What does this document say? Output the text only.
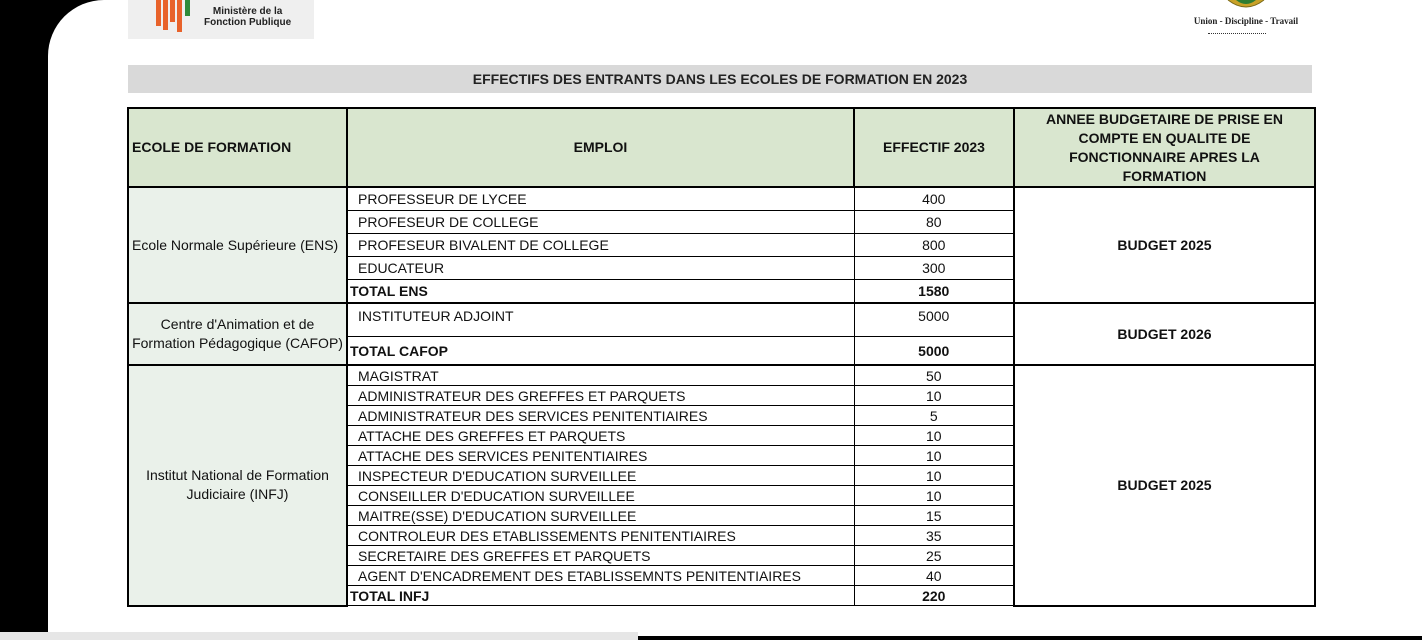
Ministère de la
Fonction Publique	Union - Discipline - Travail
EFFECTIFS DES ENTRANTS DANS LES ECOLES DE FORMATION EN 2023
ECOLE DE FORMATION	EMPLOI	EFFECTIF 2023	ANNEE BUDGETAIRE DE PRISE EN COMPTE EN QUALITE DE FONCTIONNAIRE APRES LA FORMATION
Ecole Normale Supérieure (ENS)	PROFESSEUR DE LYCEE	400	BUDGET 2025
	PROFESEUR DE COLLEGE	80	
	PROFESEUR BIVALENT DE COLLEGE	800	
	EDUCATEUR	300	
	TOTAL ENS	1580	
Centre d'Animation et de Formation Pédagogique (CAFOP)	INSTITUTEUR ADJOINT	5000	BUDGET 2026
	TOTAL CAFOP	5000	
Institut National de Formation Judiciaire (INFJ)	MAGISTRAT	50	BUDGET 2025
	ADMINISTRATEUR DES GREFFES ET PARQUETS	10	
	ADMINISTRATEUR DES SERVICES PENITENTIAIRES	5	
	ATTACHE DES GREFFES ET PARQUETS	10	
	ATTACHE DES SERVICES PENITENTIAIRES	10	
	INSPECTEUR D'EDUCATION SURVEILLEE	10	
	CONSEILLER D'EDUCATION SURVEILLEE	10	
	MAITRE(SSE) D'EDUCATION SURVEILLEE	15	
	CONTROLEUR DES ETABLISSEMENTS PENITENTIAIRES	35	
	SECRETAIRE DES GREFFES ET PARQUETS	25	
	AGENT D'ENCADREMENT DES ETABLISSEMNTS PENITENTIAIRES	40	
	TOTAL INFJ	220	
